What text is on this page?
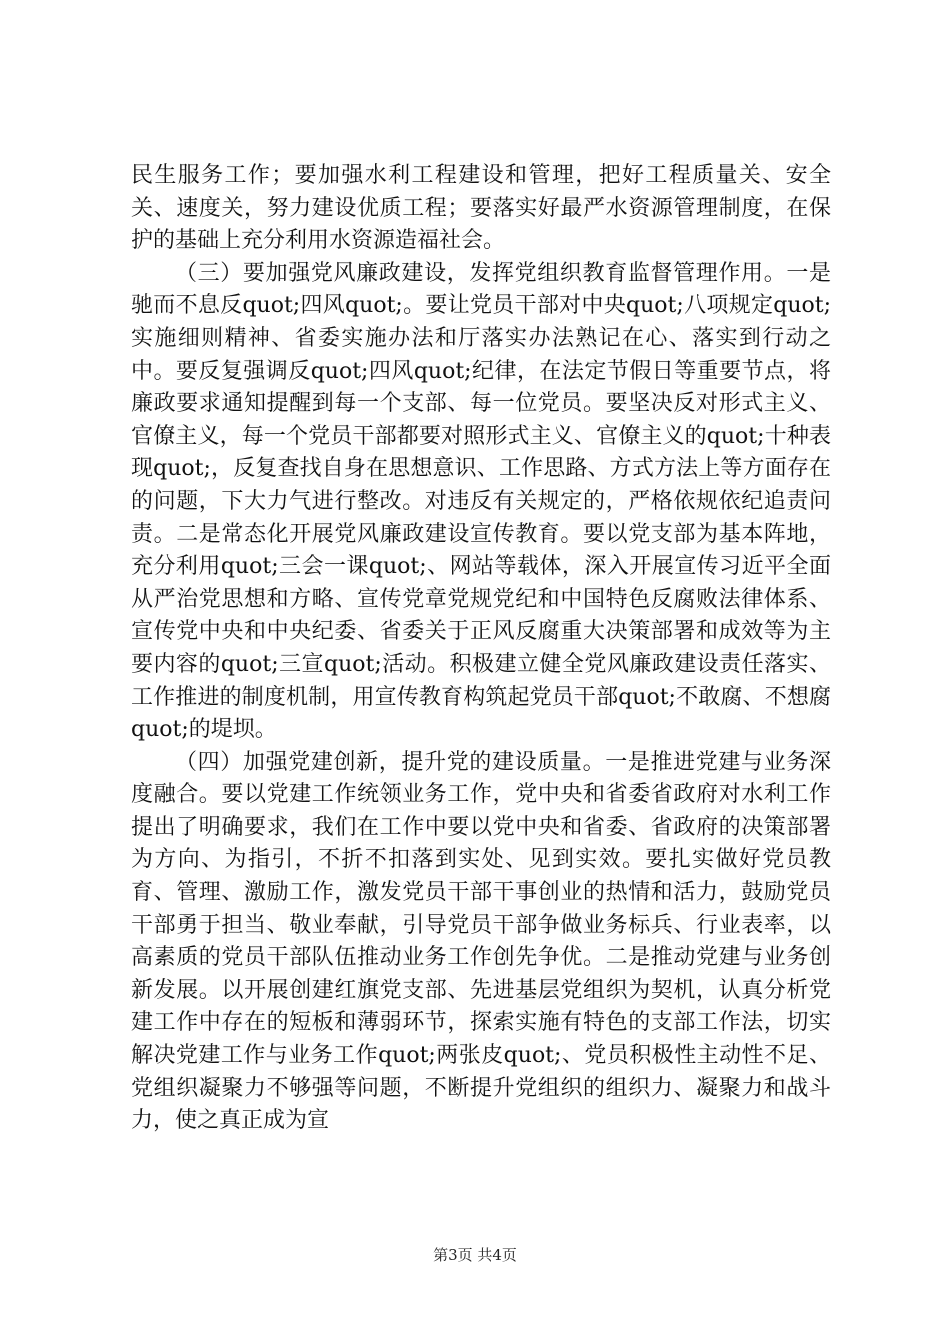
民生服务工作；要加强水利工程建设和管理，把好工程质量关、安全关、速度关，努力建设优质工程；要落实好最严水资源管理制度，在保护的基础上充分利用水资源造福社会。

（三）要加强党风廉政建设，发挥党组织教育监督管理作用。一是驰而不息反quot;四风quot;。要让党员干部对中央quot;八项规定quot;实施细则精神、省委实施办法和厅落实办法熟记在心、落实到行动之中。要反复强调反quot;四风quot;纪律，在法定节假日等重要节点，将廉政要求通知提醒到每一个支部、每一位党员。要坚决反对形式主义、官僚主义，每一个党员干部都要对照形式主义、官僚主义的quot;十种表现quot;，反复查找自身在思想意识、工作思路、方式方法上等方面存在的问题，下大力气进行整改。对违反有关规定的，严格依规依纪追责问责。二是常态化开展党风廉政建设宣传教育。要以党支部为基本阵地，充分利用quot;三会一课quot;、网站等载体，深入开展宣传习近平全面从严治党思想和方略、宣传党章党规党纪和中国特色反腐败法律体系、宣传党中央和中央纪委、省委关于正风反腐重大决策部署和成效等为主要内容的quot;三宣quot;活动。积极建立健全党风廉政建设责任落实、工作推进的制度机制，用宣传教育构筑起党员干部quot;不敢腐、不想腐quot;的堤坝。

（四）加强党建创新，提升党的建设质量。一是推进党建与业务深度融合。要以党建工作统领业务工作，党中央和省委省政府对水利工作提出了明确要求，我们在工作中要以党中央和省委、省政府的决策部署为方向、为指引，不折不扣落到实处、见到实效。要扎实做好党员教育、管理、激励工作，激发党员干部干事创业的热情和活力，鼓励党员干部勇于担当、敬业奉献，引导党员干部争做业务标兵、行业表率，以高素质的党员干部队伍推动业务工作创先争优。二是推动党建与业务创新发展。以开展创建红旗党支部、先进基层党组织为契机，认真分析党建工作中存在的短板和薄弱环节，探索实施有特色的支部工作法，切实解决党建工作与业务工作quot;两张皮quot;、党员积极性主动性不足、党组织凝聚力不够强等问题，不断提升党组织的组织力、凝聚力和战斗力，使之真正成为宣

第3页 共4页
